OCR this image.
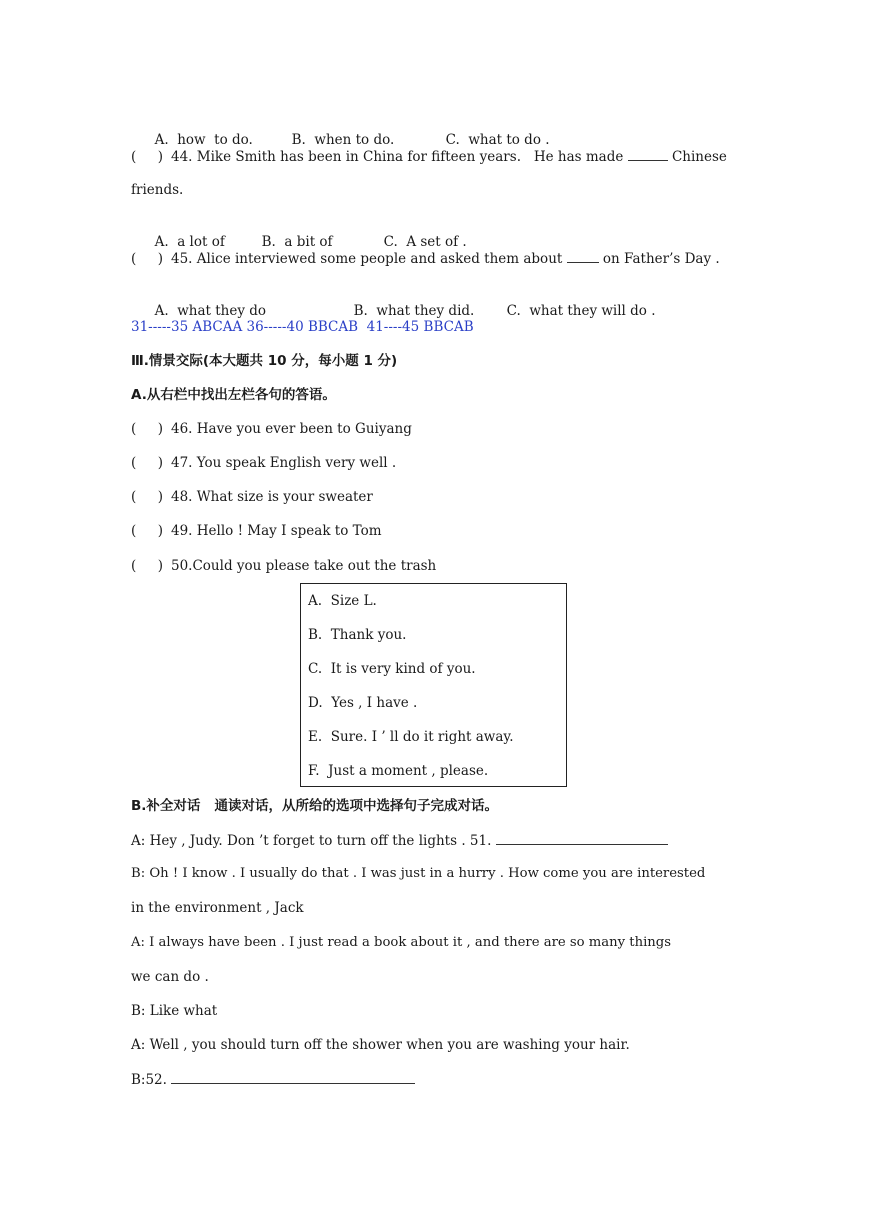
A.  how  to do.	B.  when to do.	C.  what to do .

(     ) 44. Mike Smith has been in China for fifteen years.   He has made	Chinese
friends.

A.  a lot of	B.  a bit of	C.  A set of .

(     ) 45. Alice interviewed some people and asked them about  on Father’s Day .

A.  what they do	B.  what they did. C.  what they will do .

31-----35 ABCAA 36-----40 BBCAB  41----45 BBCAB
Ⅲ.情景交际(本大题共 10 分，每小题 1 分)
A.从右栏中找出左栏各句的答语。
(     ) 46. Have you ever been to Guiyang
(     ) 47. You speak English very well .
(     ) 48. What size is your sweater
(     ) 49. Hello ! May I speak to Tom
(     ) 50.Could you please take out the trash
A.  Size L.
B.  Thank you.
C.  It is very kind of you.
D.  Yes , I have .
E.  Sure. I ’ ll do it right away.
F.  Just a moment , please.
B.补全对话   通读对话，从所给的选项中选择句子完成对话。
A: Hey , Judy. Don ’t forget to turn off the lights . 51.
B: Oh ! I know . I usually do that . I was just in a hurry . How come you are interested
in the environment , Jack
A: I always have been . I just read a book about it , and there are so many things
we can do .
B: Like what
A: Well , you should turn off the shower when you are washing your hair.
B:52.
